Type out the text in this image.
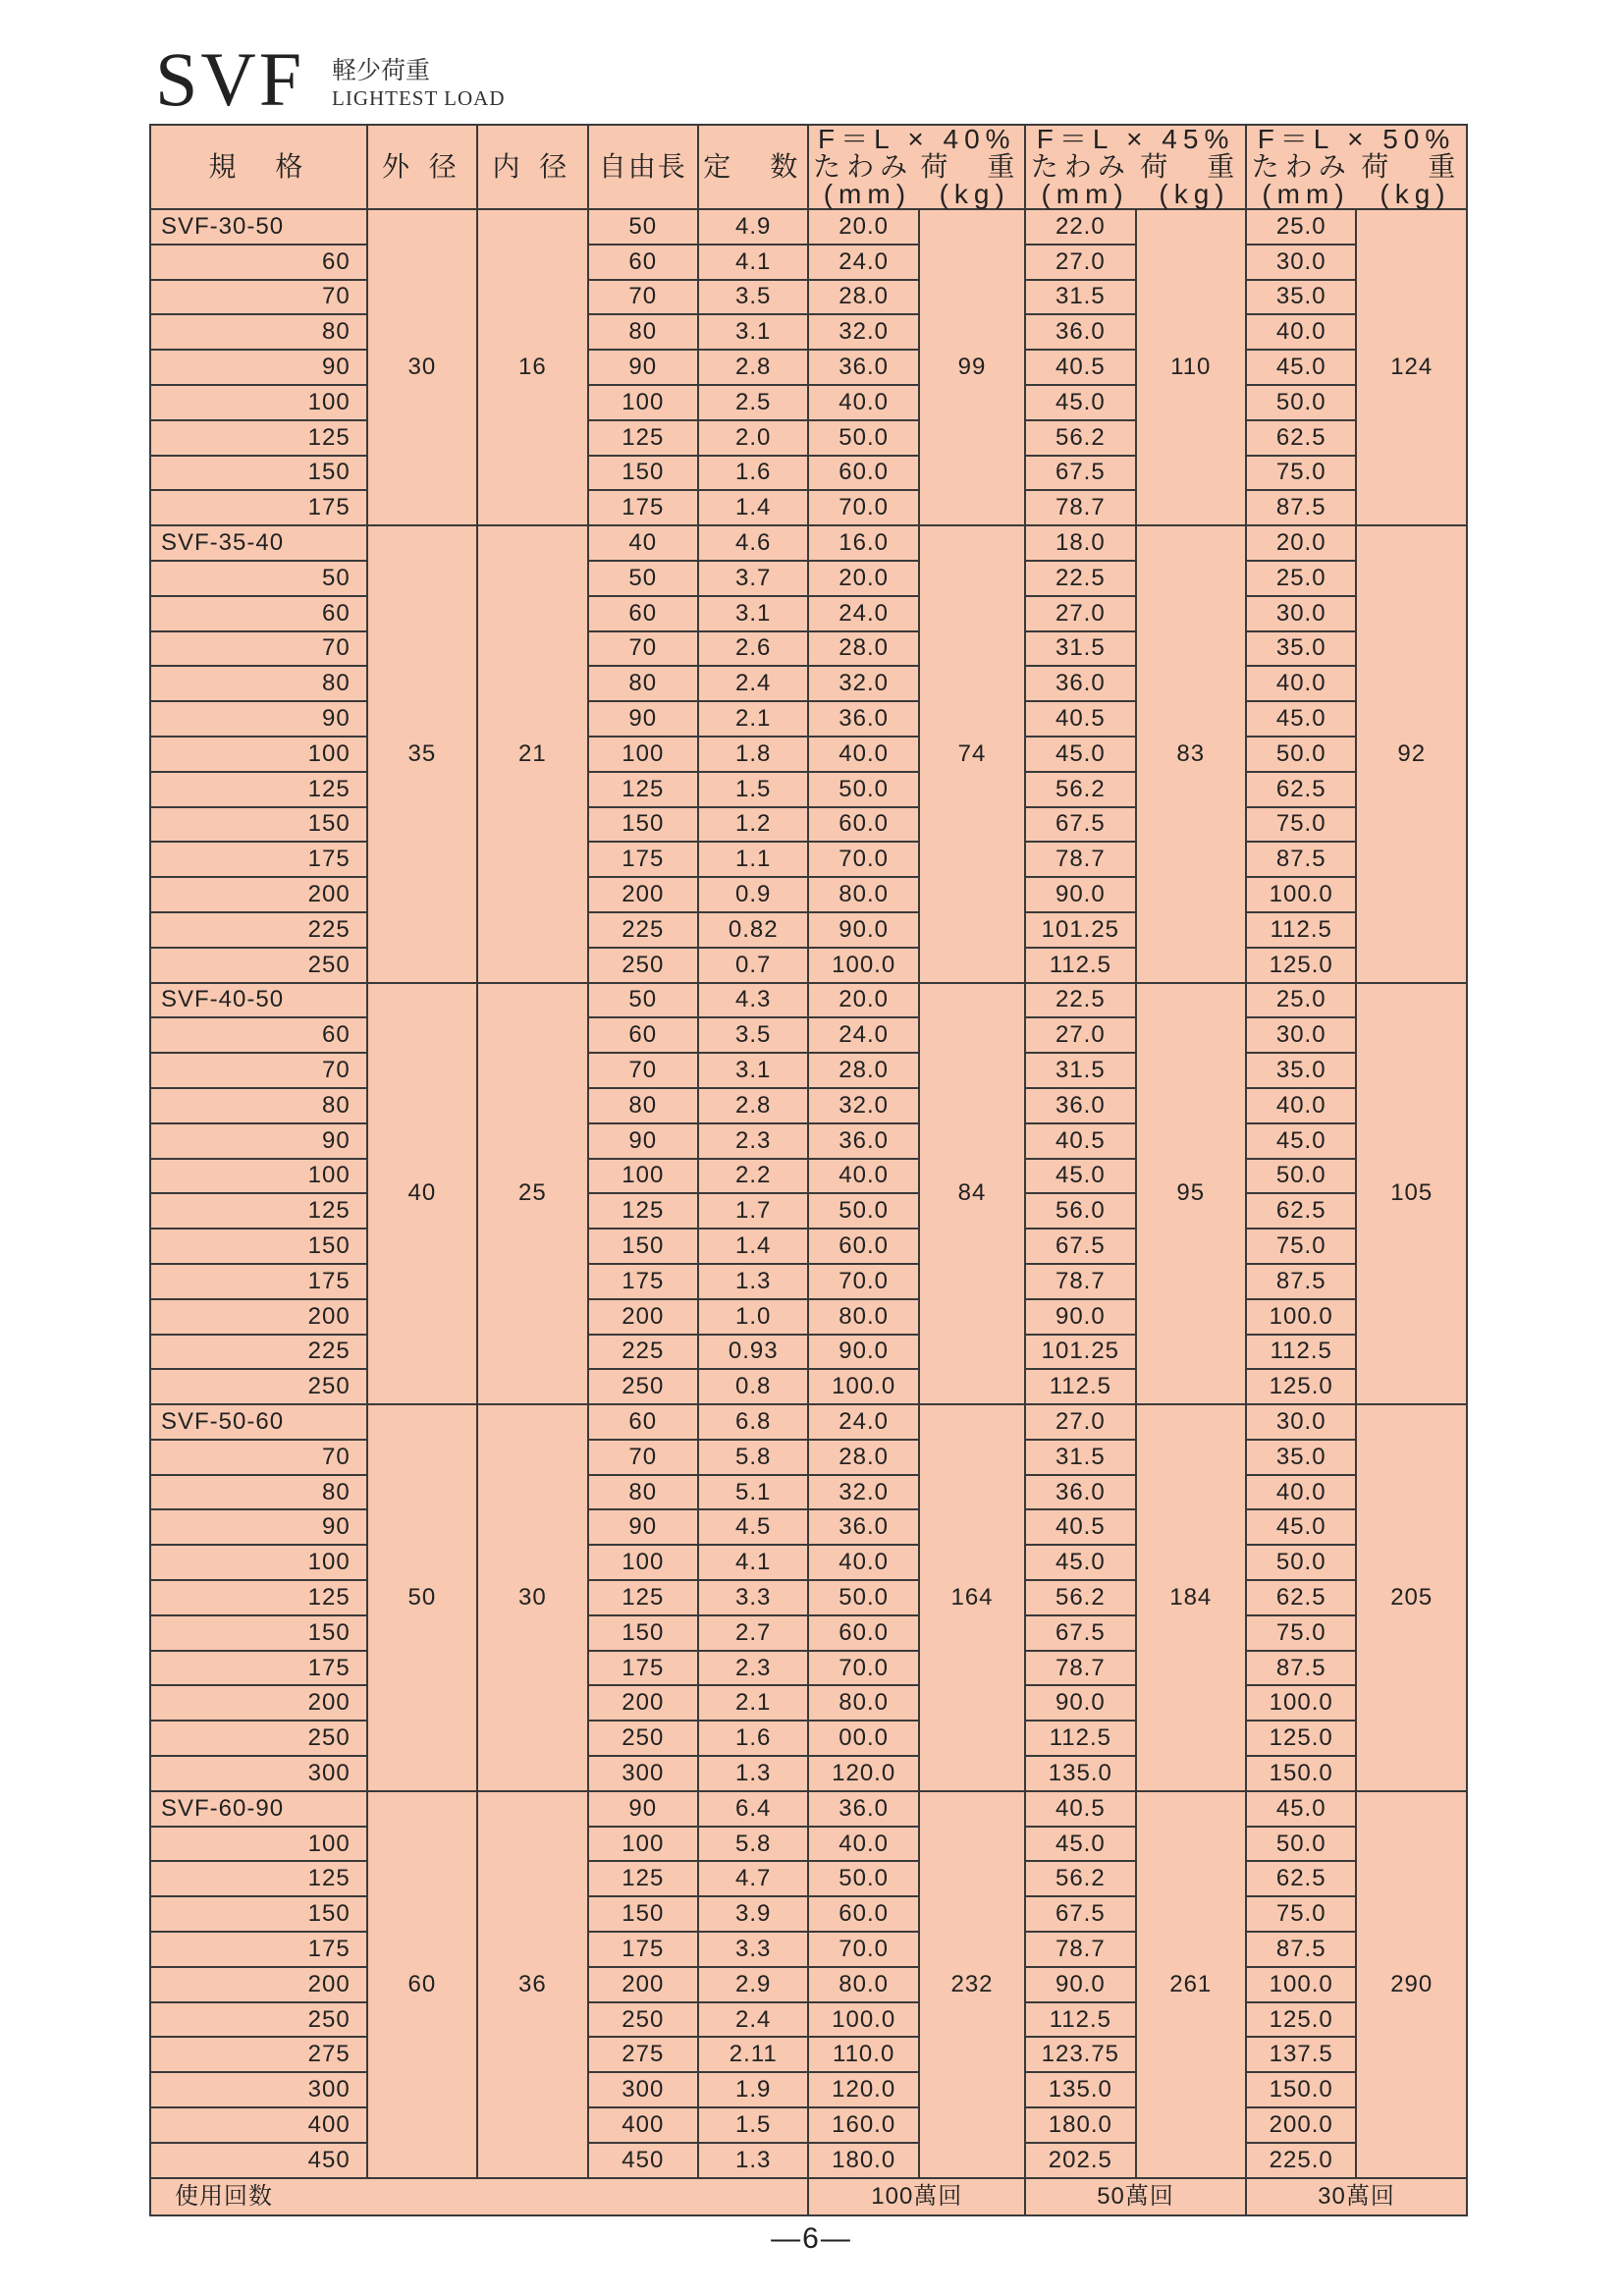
SVF 軽少荷重
LIGHTEST LOAD
規　格	外 径	内 径	自由長	定　数	F＝L × 40%
たわみ 荷　重
(mm) (kg)		F＝L × 45%
たわみ 荷　重
(mm) (kg)		F＝L × 50%
たわみ 荷　重
(mm) (kg)	

SVF-30-50	30	16	50	4.9	20.0	99	22.0	110	25.0	124
60			60	4.1	24.0		27.0		30.0	
70			70	3.5	28.0		31.5		35.0	
80			80	3.1	32.0		36.0		40.0	
90			90	2.8	36.0		40.5		45.0	
100			100	2.5	40.0		45.0		50.0	
125			125	2.0	50.0		56.2		62.5	
150			150	1.6	60.0		67.5		75.0	
175			175	1.4	70.0		78.7		87.5	
SVF-35-40	35	21	40	4.6	16.0	74	18.0	83	20.0	92
50			50	3.7	20.0		22.5		25.0	
60			60	3.1	24.0		27.0		30.0	
70			70	2.6	28.0		31.5		35.0	
80			80	2.4	32.0		36.0		40.0	
90			90	2.1	36.0		40.5		45.0	
100			100	1.8	40.0		45.0		50.0	
125			125	1.5	50.0		56.2		62.5	
150			150	1.2	60.0		67.5		75.0	
175			175	1.1	70.0		78.7		87.5	
200			200	0.9	80.0		90.0		100.0	
225			225	0.82	90.0		101.25		112.5	
250			250	0.7	100.0		112.5		125.0	
SVF-40-50	40	25	50	4.3	20.0	84	22.5	95	25.0	105
60			60	3.5	24.0		27.0		30.0	
70			70	3.1	28.0		31.5		35.0	
80			80	2.8	32.0		36.0		40.0	
90			90	2.3	36.0		40.5		45.0	
100			100	2.2	40.0		45.0		50.0	
125			125	1.7	50.0		56.0		62.5	
150			150	1.4	60.0		67.5		75.0	
175			175	1.3	70.0		78.7		87.5	
200			200	1.0	80.0		90.0		100.0	
225			225	0.93	90.0		101.25		112.5	
250			250	0.8	100.0		112.5		125.0	
SVF-50-60	50	30	60	6.8	24.0	164	27.0	184	30.0	205
70			70	5.8	28.0		31.5		35.0	
80			80	5.1	32.0		36.0		40.0	
90			90	4.5	36.0		40.5		45.0	
100			100	4.1	40.0		45.0		50.0	
125			125	3.3	50.0		56.2		62.5	
150			150	2.7	60.0		67.5		75.0	
175			175	2.3	70.0		78.7		87.5	
200			200	2.1	80.0		90.0		100.0	
250			250	1.6	00.0		112.5		125.0	
300			300	1.3	120.0		135.0		150.0	
SVF-60-90	60	36	90	6.4	36.0	232	40.5	261	45.0	290
100			100	5.8	40.0		45.0		50.0	
125			125	4.7	50.0		56.2		62.5	
150			150	3.9	60.0		67.5		75.0	
175			175	3.3	70.0		78.7		87.5	
200			200	2.9	80.0		90.0		100.0	
250			250	2.4	100.0		112.5		125.0	
275			275	2.11	110.0		123.75		137.5	
300			300	1.9	120.0		135.0		150.0	
400			400	1.5	160.0		180.0		200.0	
450			450	1.3	180.0		202.5		225.0	
使用回数					100萬回		50萬回		30萬回	
—6—
